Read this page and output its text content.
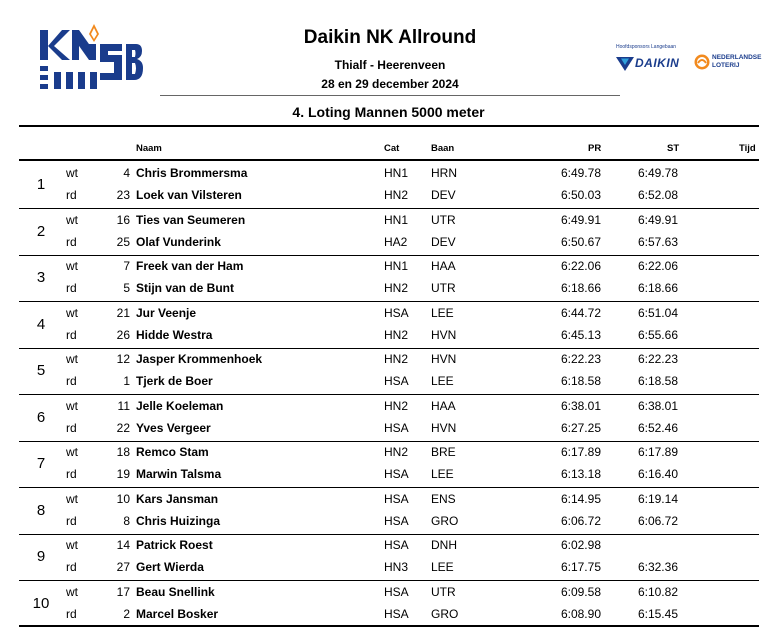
Daikin NK Allround
Thialf - Heerenveen
28 en 29 december 2024
Hoofdsponsors Langebaan
DAIKIN	NEDERLANDSE
LOTERIJ
4. Loting Mannen 5000 meter
Naam	Cat	Baan	PR	ST	Tijd
1
wt	4 Chris Brommersma	HN1 HRN	6:49.78	6:49.78
rd	23 Loek van Vilsteren	HN2 DEV	6:50.03	6:52.08
2
wt	16 Ties van Seumeren	HN1 UTR	6:49.91	6:49.91
rd	25 Olaf Vunderink	HA2 DEV	6:50.67	6:57.63
3
wt	7 Freek van der Ham	HN1 HAA	6:22.06	6:22.06
rd	5 Stijn van de Bunt	HN2 UTR	6:18.66	6:18.66
4
wt	21 Jur Veenje	HSA LEE	6:44.72	6:51.04
rd	26 Hidde Westra	HN2 HVN	6:45.13	6:55.66
5
wt	12 Jasper Krommenhoek	HN2 HVN	6:22.23	6:22.23
rd	1 Tjerk de Boer	HSA LEE	6:18.58	6:18.58
6
wt	11 Jelle Koeleman	HN2 HAA	6:38.01	6:38.01
rd	22 Yves Vergeer	HSA HVN	6:27.25	6:52.46
7
wt	18 Remco Stam	HN2 BRE	6:17.89	6:17.89
rd	19 Marwin Talsma	HSA LEE	6:13.18	6:16.40
8
wt	10 Kars Jansman	HSA ENS	6:14.95	6:19.14
rd	8 Chris Huizinga	HSA GRO	6:06.72	6:06.72
9
wt	14 Patrick Roest	HSA DNH	6:02.98
rd	27 Gert Wierda	HN3 LEE	6:17.75	6:32.36
10
wt	17 Beau Snellink	HSA UTR	6:09.58	6:10.82
rd	2 Marcel Bosker	HSA GRO	6:08.90	6:15.45
